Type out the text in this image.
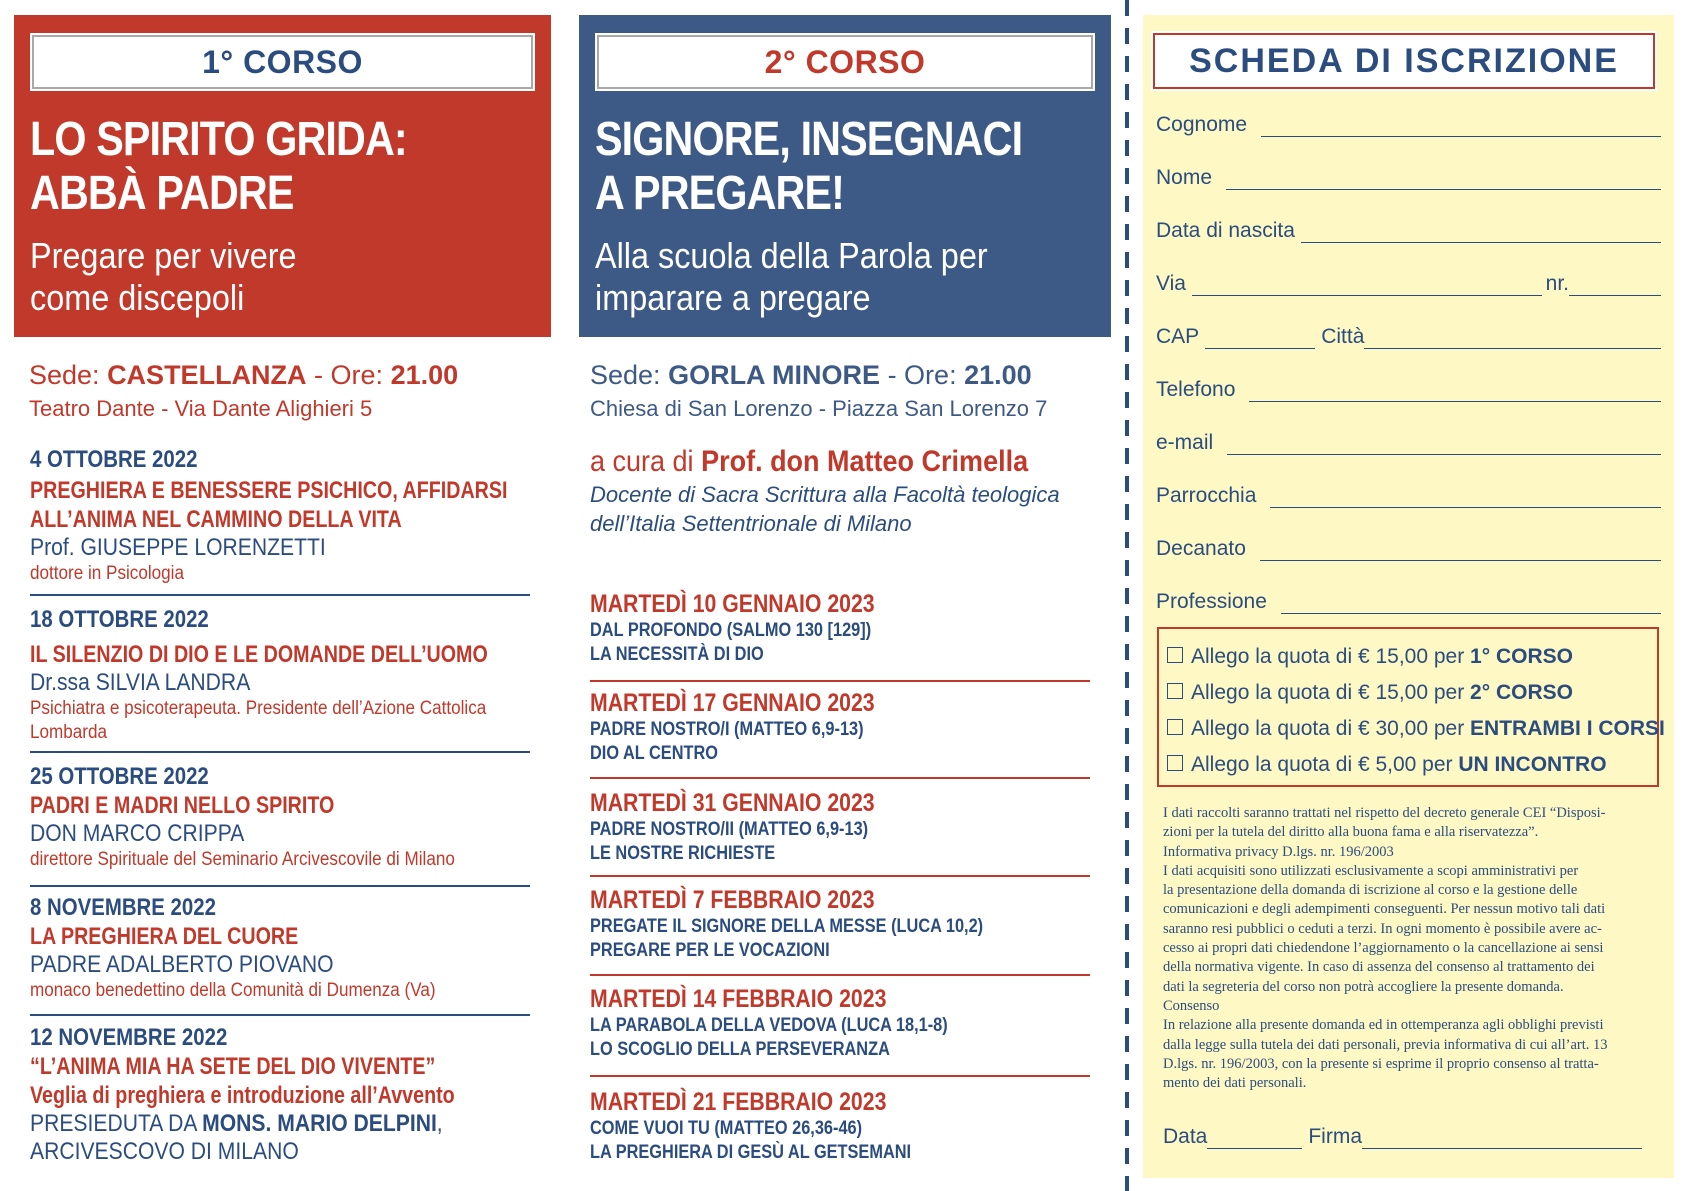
1° CORSO
LO SPIRITO GRIDA:
ABBÀ PADRE
Pregare per vivere
come discepoli
Sede: CASTELLANZA - Ore: 21.00
Teatro Dante - Via Dante Alighieri 5
4 OTTOBRE 2022
PREGHIERA E BENESSERE PSICHICO, AFFIDARSI ALL’ANIMA NEL CAMMINO DELLA VITA
Prof. GIUSEPPE LORENZETTI
dottore in Psicologia
18 OTTOBRE 2022
IL SILENZIO DI DIO E LE DOMANDE DELL’UOMO
Dr.ssa SILVIA LANDRA
Psichiatra e psicoterapeuta. Presidente dell’Azione Cattolica Lombarda
25 OTTOBRE 2022
PADRI E MADRI NELLO SPIRITO
DON MARCO CRIPPA
direttore Spirituale del Seminario Arcivescovile di Milano
8 NOVEMBRE 2022
LA PREGHIERA DEL CUORE
PADRE ADALBERTO PIOVANO
monaco benedettino della Comunità di Dumenza (Va)
12 NOVEMBRE 2022
“L’ANIMA MIA HA SETE DEL DIO VIVENTE”
Veglia di preghiera e introduzione all’Avvento
PRESIEDUTA DA MONS. MARIO DELPINI,
ARCIVESCOVO DI MILANO
2° CORSO
SIGNORE, INSEGNACI
A PREGARE!
Alla scuola della Parola per
imparare a pregare
Sede: GORLA MINORE - Ore: 21.00
Chiesa di San Lorenzo - Piazza San Lorenzo 7
a cura di Prof. don Matteo Crimella
Docente di Sacra Scrittura alla Facoltà teologica dell’Italia Settentrionale di Milano
MARTEDÌ 10 GENNAIO 2023
DAL PROFONDO (SALMO 130 [129])
LA NECESSITÀ DI DIO
MARTEDÌ 17 GENNAIO 2023
PADRE NOSTRO/I (MATTEO 6,9-13)
DIO AL CENTRO
MARTEDÌ 31 GENNAIO 2023
PADRE NOSTRO/II (MATTEO 6,9-13)
LE NOSTRE RICHIESTE
MARTEDÌ 7 FEBBRAIO 2023
PREGATE IL SIGNORE DELLA MESSE (LUCA 10,2)
PREGARE PER LE VOCAZIONI
MARTEDÌ 14 FEBBRAIO 2023
LA PARABOLA DELLA VEDOVA (LUCA 18,1-8)
LO SCOGLIO DELLA PERSEVERANZA
MARTEDÌ 21 FEBBRAIO 2023
COME VUOI TU (MATTEO 26,36-46)
LA PREGHIERA DI GESÙ AL GETSEMANI
SCHEDA DI ISCRIZIONE
Cognome
Nome
Data di nascita
Via	nr.
CAP	Città
Telefono
e-mail
Parrocchia
Decanato
Professione
Allego la quota di € 15,00 per 1° CORSO
Allego la quota di € 15,00 per 2° CORSO
Allego la quota di € 30,00 per ENTRAMBI I CORSI
Allego la quota di € 5,00 per UN INCONTRO

I dati raccolti saranno trattati nel rispetto del decreto generale CEI “Disposi-

zioni per la tutela del diritto alla buona fama e alla riservatezza”.

Informativa privacy D.lgs. nr. 196/2003

I dati acquisiti sono utilizzati esclusivamente a scopi amministrativi per

la presentazione della domanda di iscrizione al corso e la gestione delle

comunicazioni e degli adempimenti conseguenti. Per nessun motivo tali dati

saranno resi pubblici o ceduti a terzi. In ogni momento è possibile avere ac-

cesso ai propri dati chiedendone l’aggiornamento o la cancellazione ai sensi

della normativa vigente. In caso di assenza del consenso al trattamento dei

dati la segreteria del corso non potrà accogliere la presente domanda.

Consenso

In relazione alla presente domanda ed in ottemperanza agli obblighi previsti

dalla legge sulla tutela dei dati personali, previa informativa di cui all’art. 13

D.lgs. nr. 196/2003, con la presente si esprime il proprio consenso al tratta-

mento dei dati personali.

Data	Firma
